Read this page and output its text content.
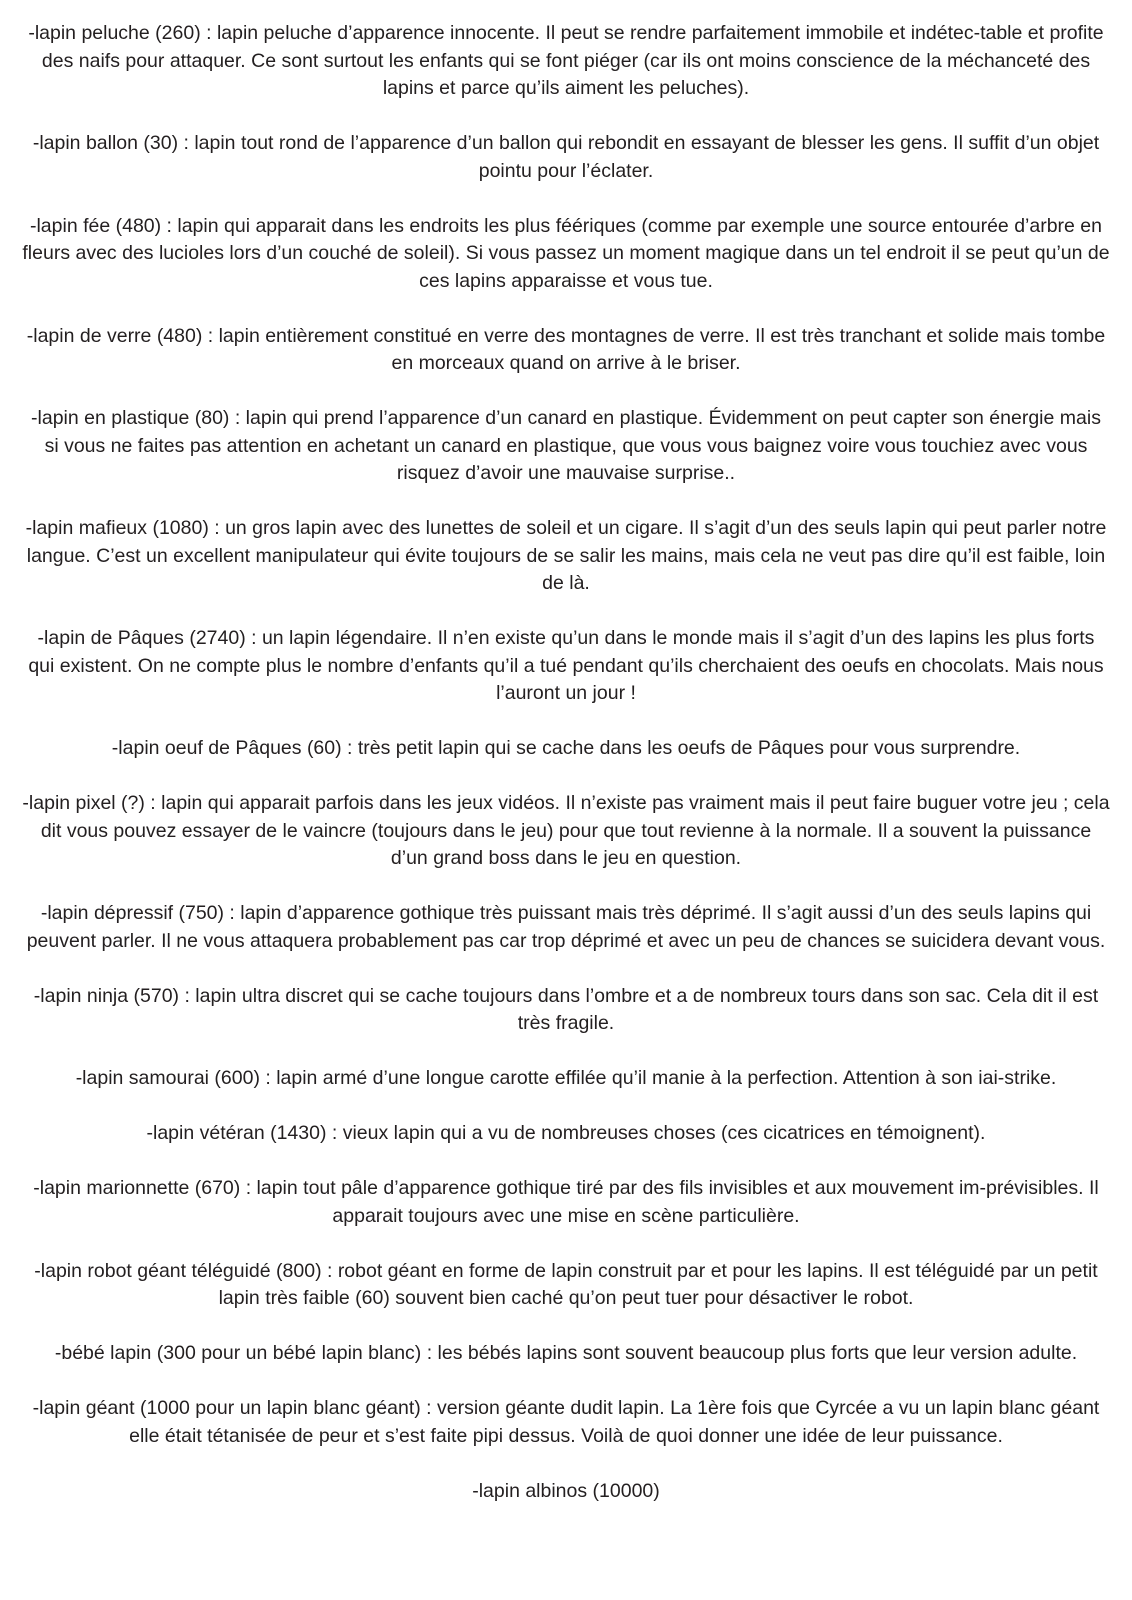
-lapin peluche (260) : lapin peluche d’apparence innocente. Il peut se rendre parfaitement immobile et indétec-table et profite des naifs pour attaquer. Ce sont surtout les enfants qui se font piéger (car ils ont moins conscience de la méchanceté des lapins et parce qu’ils aiment les peluches).

-lapin ballon (30) : lapin tout rond de l’apparence d’un ballon qui rebondit en essayant de blesser les gens. Il suffit d’un objet pointu pour l’éclater.

-lapin fée (480) : lapin qui apparait dans les endroits les plus féériques (comme par exemple une source entourée d’arbre en fleurs avec des lucioles lors d’un couché de soleil). Si vous passez un moment magique dans un tel endroit il se peut qu’un de ces lapins apparaisse et vous tue.

-lapin de verre (480) : lapin entièrement constitué en verre des montagnes de verre. Il est très tranchant et solide mais tombe en morceaux quand on arrive à le briser.

-lapin en plastique (80) : lapin qui prend l’apparence d’un canard en plastique. Évidemment on peut capter son énergie mais si vous ne faites pas attention en achetant un canard en plastique, que vous vous baignez voire vous touchiez avec vous risquez d’avoir une mauvaise surprise..

-lapin mafieux (1080) : un gros lapin avec des lunettes de soleil et un cigare. Il s’agit d’un des seuls lapin qui peut parler notre langue. C’est un excellent manipulateur qui évite toujours de se salir les mains, mais cela ne veut pas dire qu’il est faible, loin de là.

-lapin de Pâques (2740) : un lapin légendaire. Il n’en existe qu’un dans le monde mais il s’agit d’un des lapins les plus forts qui existent. On ne compte plus le nombre d’enfants qu’il a tué pendant qu’ils cherchaient des oeufs en chocolats. Mais nous l’auront un jour !

-lapin oeuf de Pâques (60) : très petit lapin qui se cache dans les oeufs de Pâques pour vous surprendre.

-lapin pixel (?) : lapin qui apparait parfois dans les jeux vidéos. Il n’existe pas vraiment mais il peut faire buguer votre jeu ; cela dit vous pouvez essayer de le vaincre (toujours dans le jeu) pour que tout revienne à la normale. Il a souvent la puissance d’un grand boss dans le jeu en question.

-lapin dépressif (750) : lapin d’apparence gothique très puissant mais très déprimé. Il s’agit aussi d’un des seuls lapins qui peuvent parler. Il ne vous attaquera probablement pas car trop déprimé et avec un peu de chances se suicidera devant vous.

-lapin ninja (570) : lapin ultra discret qui se cache toujours dans l’ombre et a de nombreux tours dans son sac. Cela dit il est très fragile.

-lapin samourai (600) : lapin armé d’une longue carotte effilée qu’il manie à la perfection. Attention à son iai-strike.

-lapin vétéran (1430) : vieux lapin qui a vu de nombreuses choses (ces cicatrices en témoignent).

-lapin marionnette (670) : lapin tout pâle d’apparence gothique tiré par des fils invisibles et aux mouvement im-prévisibles. Il apparait toujours avec une mise en scène particulière.

-lapin robot géant téléguidé (800) : robot géant en forme de lapin construit par et pour les lapins. Il est téléguidé par un petit lapin très faible (60) souvent bien caché qu’on peut tuer pour désactiver le robot.

-bébé lapin (300 pour un bébé lapin blanc) : les bébés lapins sont souvent beaucoup plus forts que leur version adulte.

-lapin géant (1000 pour un lapin blanc géant) : version géante dudit lapin. La 1ère fois que Cyrcée a vu un lapin blanc géant elle était tétanisée de peur et s’est faite pipi dessus. Voilà de quoi donner une idée de leur puissance.

-lapin albinos (10000)
